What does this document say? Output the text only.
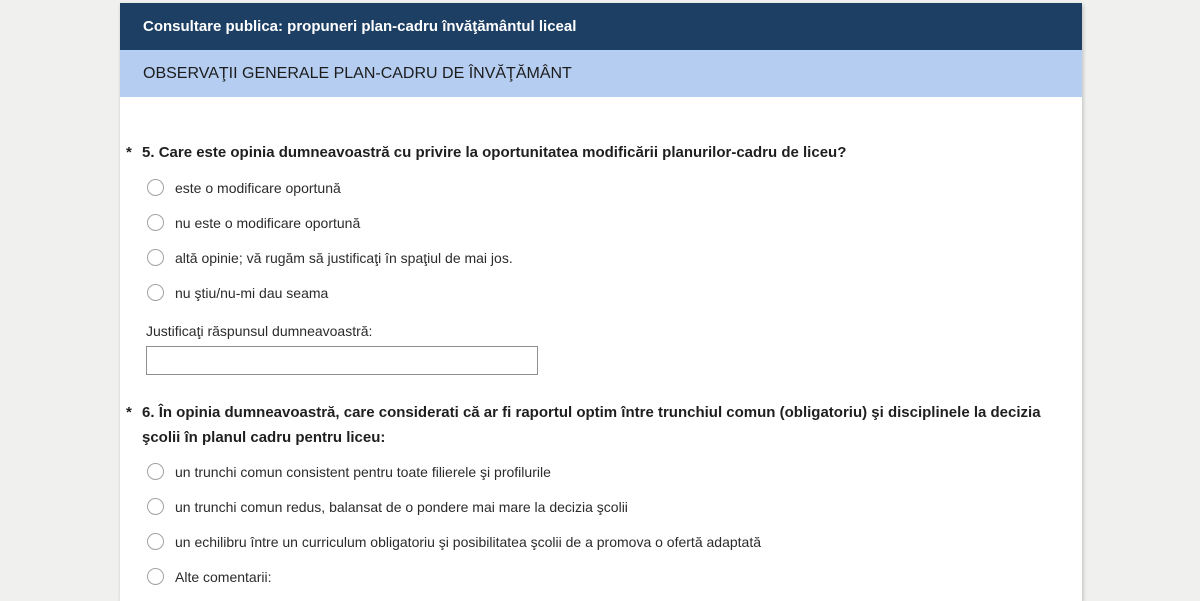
Consultare publica: propuneri plan-cadru învăţământul liceal
OBSERVAŢII GENERALE PLAN-CADRU DE ÎNVĂŢĂMÂNT
* 5. Care este opinia dumneavoastră cu privire la oportunitatea modificării planurilor-cadru de liceu?
este o modificare oportună
nu este o modificare oportună
altă opinie; vă rugăm să justificaţi în spaţiul de mai jos.
nu ştiu/nu-mi dau seama
Justificaţi răspunsul dumneavoastră:
* 6. În opinia dumneavoastră, care considerati că ar fi raportul optim între trunchiul comun (obligatoriu) şi disciplinele la decizia şcolii în planul cadru pentru liceu:
un trunchi comun consistent pentru toate filierele şi profilurile
un trunchi comun redus, balansat de o pondere mai mare la decizia şcolii
un echilibru între un curriculum obligatoriu şi posibilitatea şcolii de a promova o ofertă adaptată
Alte comentarii:
